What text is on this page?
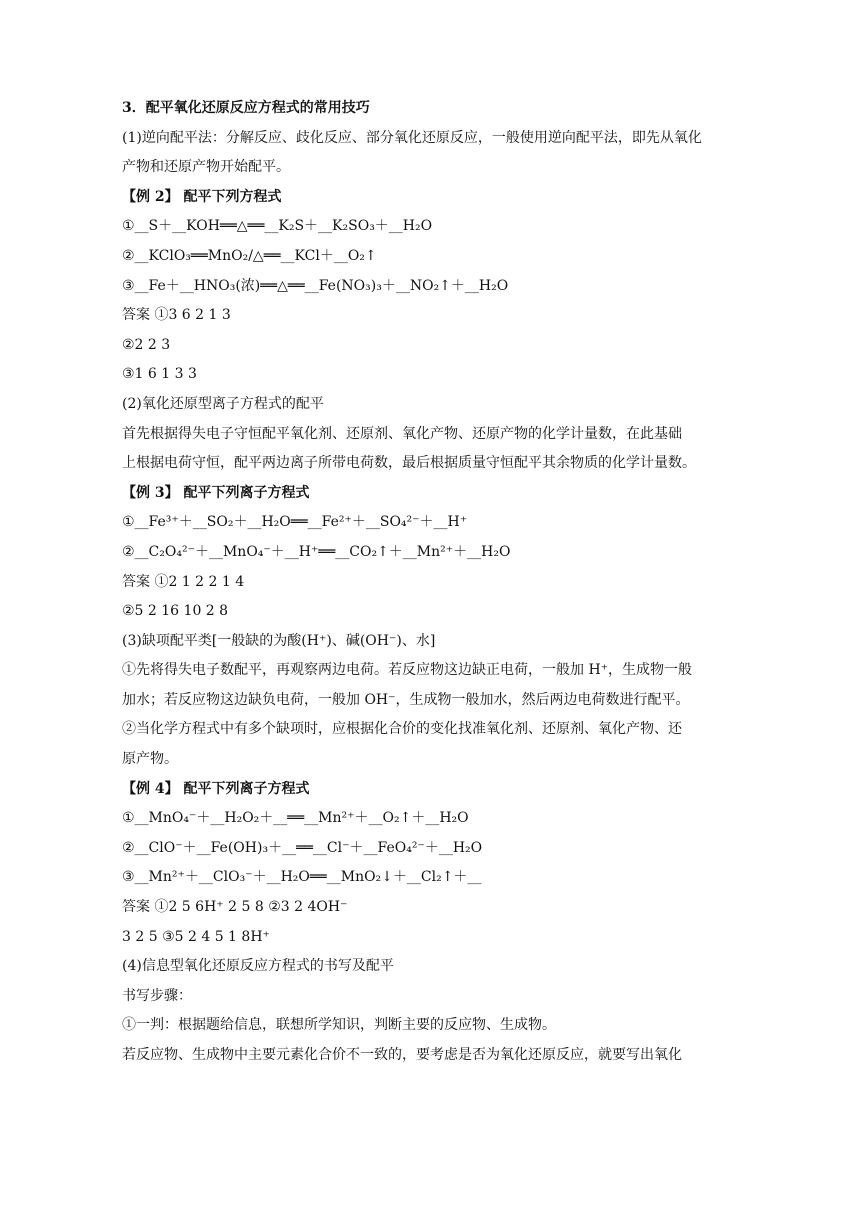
3．配平氧化还原反应方程式的常用技巧
(1)逆向配平法：分解反应、歧化反应、部分氧化还原反应，一般使用逆向配平法，即先从氧化
产物和还原产物开始配平。
【例 2】 配平下列方程式
①__S＋__KOH══△══__K₂S＋__K₂SO₃＋__H₂O
②__KClO₃══MnO₂/△══__KCl＋__O₂↑
③__Fe＋__HNO₃(浓)══△══__Fe(NO₃)₃＋__NO₂↑＋__H₂O
答案 ①3 6 2 1 3
②2 2 3
③1 6 1 3 3
(2)氧化还原型离子方程式的配平
首先根据得失电子守恒配平氧化剂、还原剂、氧化产物、还原产物的化学计量数，在此基础
上根据电荷守恒，配平两边离子所带电荷数，最后根据质量守恒配平其余物质的化学计量数。
【例 3】 配平下列离子方程式
①__Fe³⁺＋__SO₂＋__H₂O══__Fe²⁺＋__SO₄²⁻＋__H⁺
②__C₂O₄²⁻＋__MnO₄⁻＋__H⁺══__CO₂↑＋__Mn²⁺＋__H₂O
答案 ①2 1 2 2 1 4
②5 2 16 10 2 8
(3)缺项配平类[一般缺的为酸(H⁺)、碱(OH⁻)、水]
①先将得失电子数配平，再观察两边电荷。若反应物这边缺正电荷，一般加 H⁺，生成物一般
加水；若反应物这边缺负电荷，一般加 OH⁻，生成物一般加水，然后两边电荷数进行配平。
②当化学方程式中有多个缺项时，应根据化合价的变化找准氧化剂、还原剂、氧化产物、还
原产物。
【例 4】 配平下列离子方程式
①__MnO₄⁻＋__H₂O₂＋__══__Mn²⁺＋__O₂↑＋__H₂O
②__ClO⁻＋__Fe(OH)₃＋__══__Cl⁻＋__FeO₄²⁻＋__H₂O
③__Mn²⁺＋__ClO₃⁻＋__H₂O══__MnO₂↓＋__Cl₂↑＋__
答案 ①2 5 6H⁺ 2 5 8 ②3 2 4OH⁻
3 2 5 ③5 2 4 5 1 8H⁺
(4)信息型氧化还原反应方程式的书写及配平
书写步骤：
①一判：根据题给信息，联想所学知识，判断主要的反应物、生成物。
若反应物、生成物中主要元素化合价不一致的，要考虑是否为氧化还原反应，就要写出氧化
